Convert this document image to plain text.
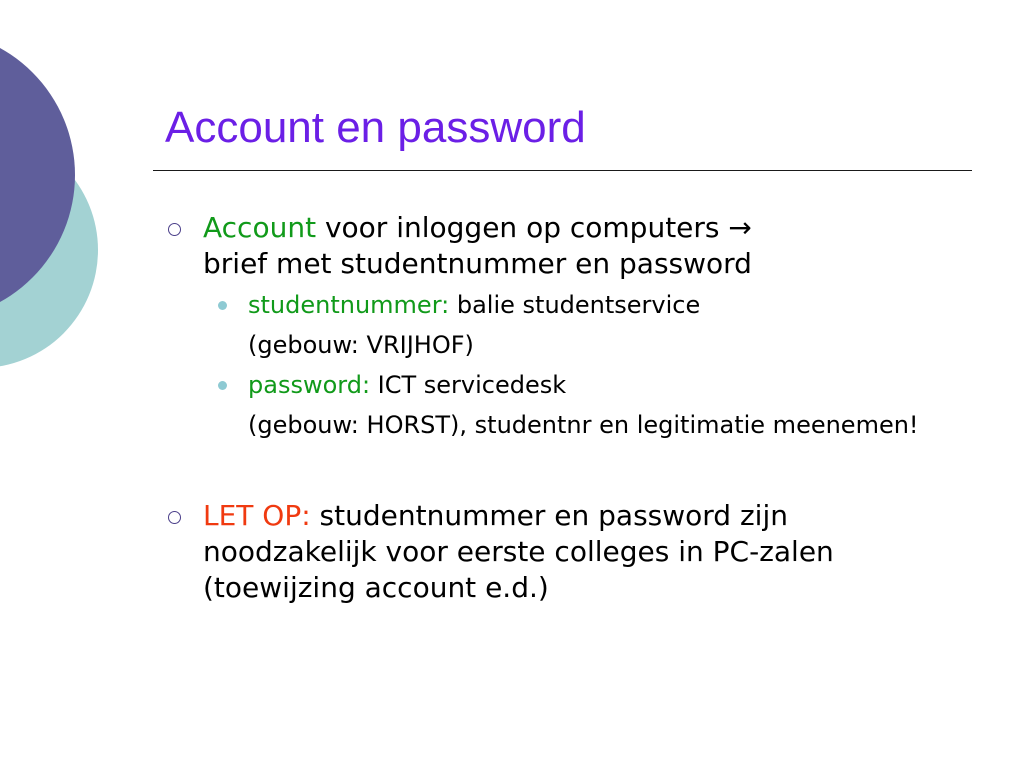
Account en password
Account voor inloggen op computers →
brief met studentnummer en password
studentnummer: balie studentservice
(gebouw: VRIJHOF)
password: ICT servicedesk
(gebouw: HORST), studentnr en legitimatie meenemen!
LET OP: studentnummer en password zijn noodzakelijk voor eerste colleges in PC-zalen (toewijzing account e.d.)
